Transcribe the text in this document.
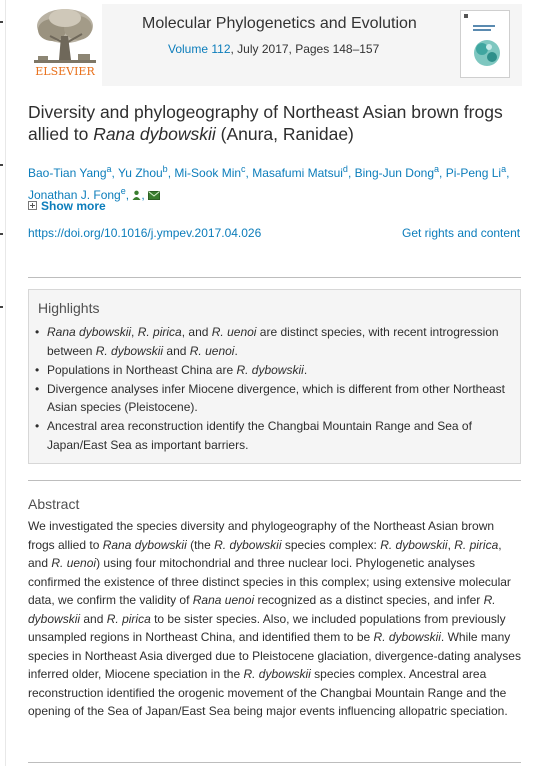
ELSEVIER
Molecular Phylogenetics and Evolution
Volume 112, July 2017, Pages 148–157
Diversity and phylogeography of Northeast Asian brown frogs allied to Rana dybowskii (Anura, Ranidae)
Bao-Tian Yang$^a$, Yu Zhou$^b$, Mi-Sook Min$^c$, Masafumi Matsui$^d$, Bing-Jun Dong$^a$, Pi-Peng Li$^a$, Jonathan J. Fong$^e$, ,
Show more
https://doi.org/10.1016/j.ympev.2017.04.026	Get rights and content
Highlights
• Rana dybowskii, R. pirica, and R. uenoi are distinct species, with recent introgression between R. dybowskii and R. uenoi.
• Populations in Northeast China are R. dybowskii.
• Divergence analyses infer Miocene divergence, which is different from other Northeast Asian species (Pleistocene).
• Ancestral area reconstruction identify the Changbai Mountain Range and Sea of Japan/East Sea as important barriers.
Abstract

We investigated the species diversity and phylogeography of the Northeast Asian brown frogs allied to Rana dybowskii (the R. dybowskii species complex: R. dybowskii, R. pirica, and R. uenoi) using four mitochondrial and three nuclear loci. Phylogenetic analyses confirmed the existence of three distinct species in this complex; using extensive molecular data, we confirm the validity of Rana uenoi recognized as a distinct species, and infer R. dybowskii and R. pirica to be sister species. Also, we included populations from previously unsampled regions in Northeast China, and identified them to be R. dybowskii. While many species in Northeast Asia diverged due to Pleistocene glaciation, divergence-dating analyses inferred older, Miocene speciation in the R. dybowskii species complex. Ancestral area reconstruction identified the orogenic movement of the Changbai Mountain Range and the opening of the Sea of Japan/East Sea being major events influencing allopatric speciation.
